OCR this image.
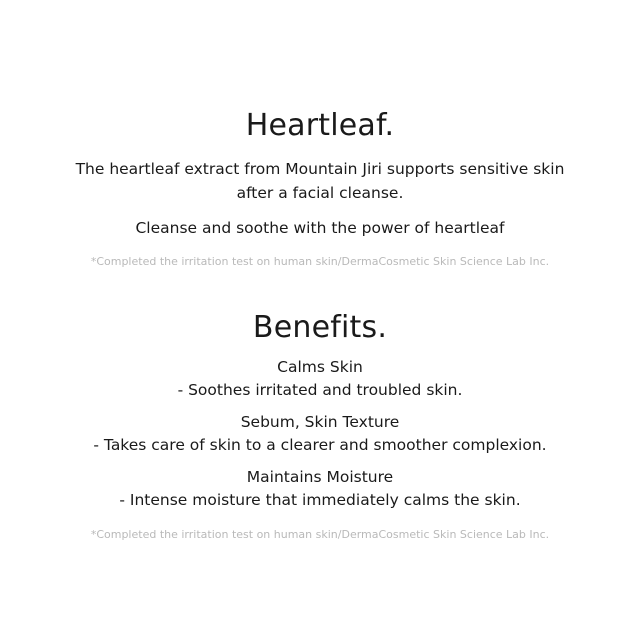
Heartleaf.

The heartleaf extract from Mountain Jiri supports sensitive skin

after a facial cleanse.

Cleanse and soothe with the power of heartleaf

*Completed the irritation test on human skin/DermaCosmetic Skin Science Lab Inc.

Benefits.

Calms Skin

- Soothes irritated and troubled skin.

Sebum, Skin Texture

- Takes care of skin to a clearer and smoother complexion.

Maintains Moisture

- Intense moisture that immediately calms the skin.

*Completed the irritation test on human skin/DermaCosmetic Skin Science Lab Inc.
